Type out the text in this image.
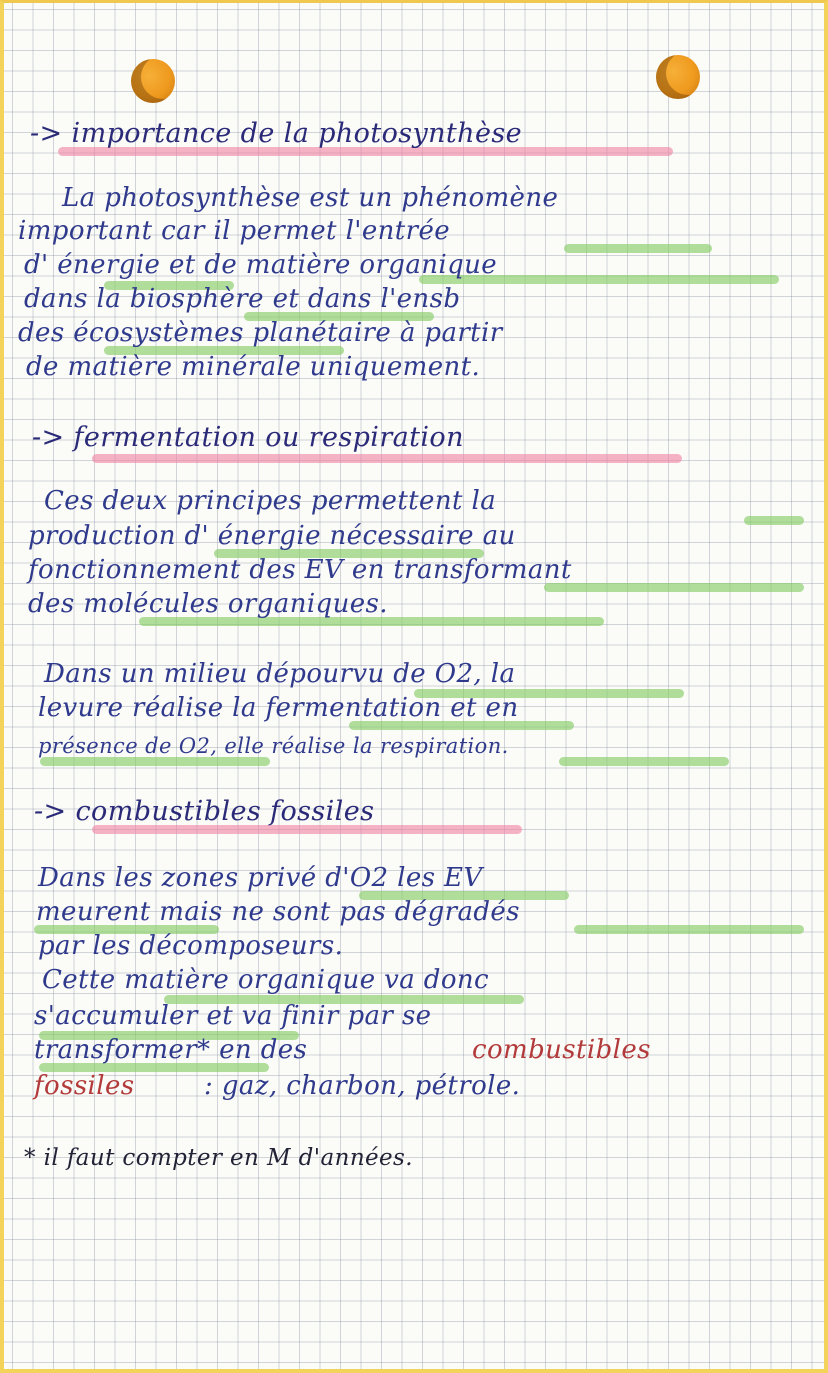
-> importance de la photosynthèse
La photosynthèse est un phénomène
important car il permet l'entrée
d' énergie et de matière organique
dans la biosphère et dans l'ensb
des écosystèmes planétaire à partir
de matière minérale uniquement.
-> fermentation ou respiration
Ces deux principes permettent la
production d' énergie nécessaire au
fonctionnement des EV en transformant
des molécules organiques.
Dans un milieu dépourvu de O2, la
levure réalise la fermentation et en
présence de O2, elle réalise la respiration.
-> combustibles fossiles
Dans les zones privé d'O2 les EV
meurent mais ne sont pas dégradés
par les décomposeurs.
Cette matière organique va donc
s'accumuler et va finir par se
transformer* en des	combustibles
fossiles	: gaz, charbon, pétrole.
* il faut compter en M d'années.
